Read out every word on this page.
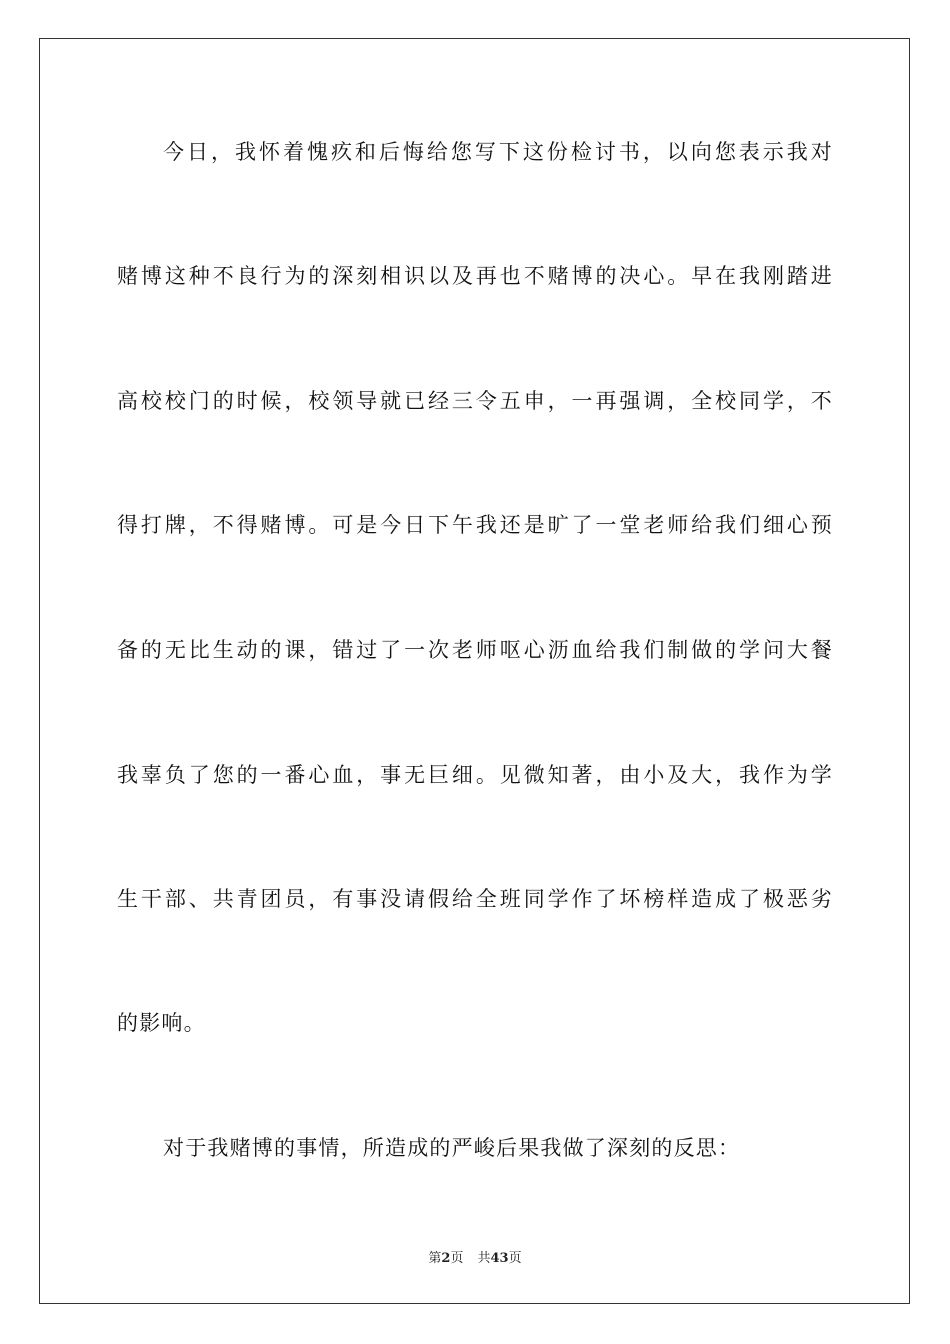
今日，我怀着愧疚和后悔给您写下这份检讨书，以向您表示我对
赌博这种不良行为的深刻相识以及再也不赌博的决心。早在我刚踏进
高校校门的时候，校领导就已经三令五申，一再强调，全校同学，不
得打牌，不得赌博。可是今日下午我还是旷了一堂老师给我们细心预
备的无比生动的课，错过了一次老师呕心沥血给我们制做的学问大餐
我辜负了您的一番心血，事无巨细。见微知著，由小及大，我作为学
生干部、共青团员，有事没请假给全班同学作了坏榜样造成了极恶劣
的影响。
对于我赌博的事情，所造成的严峻后果我做了深刻的反思：
第2页 共43页
